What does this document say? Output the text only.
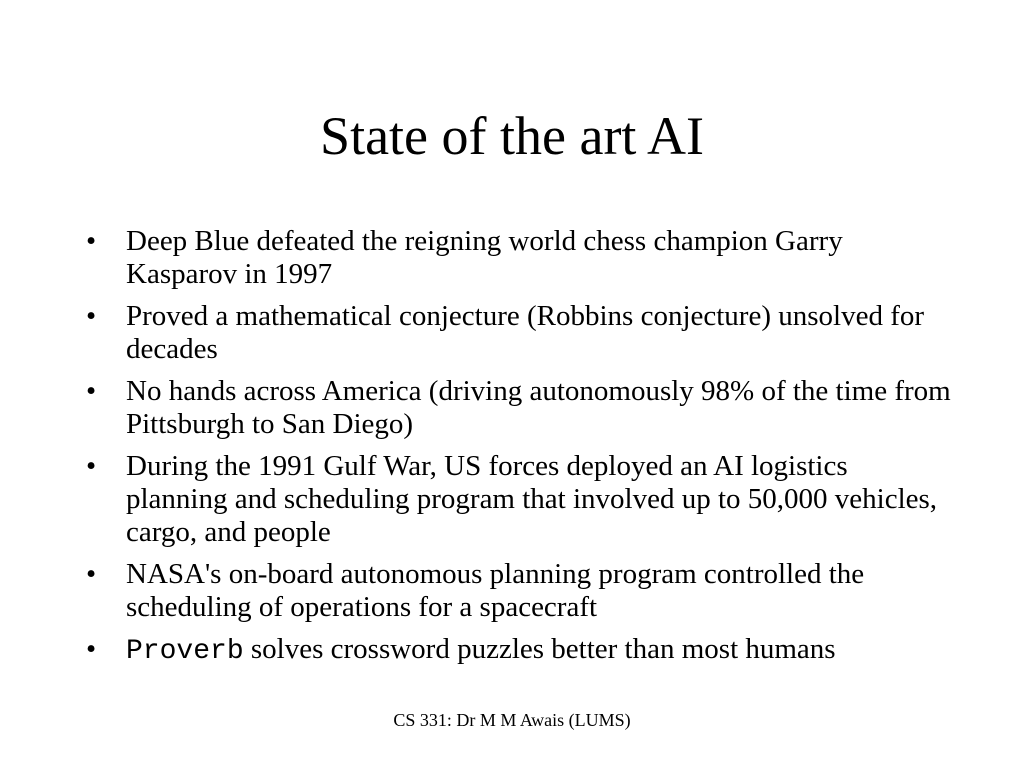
State of the art AI
•	Deep Blue defeated the reigning world chess champion Garry Kasparov in 1997
•	Proved a mathematical conjecture (Robbins conjecture) unsolved for decades
•	No hands across America (driving autonomously 98% of the time from Pittsburgh to San Diego)
•	During the 1991 Gulf War, US forces deployed an AI logistics planning and scheduling program that involved up to 50,000 vehicles, cargo, and people
•	NASA's on-board autonomous planning program controlled the scheduling of operations for a spacecraft
•	Proverb solves crossword puzzles better than most humans
CS 331: Dr M M Awais (LUMS)
